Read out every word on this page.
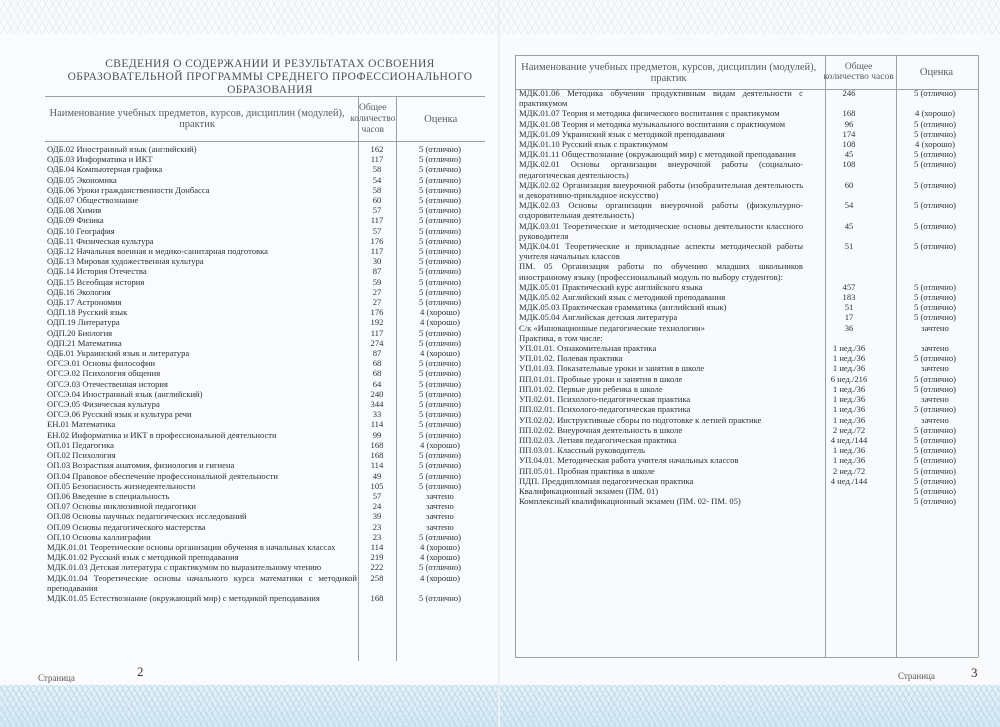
СВЕДЕНИЯ О СОДЕРЖАНИИ И РЕЗУЛЬТАТАХ ОСВОЕНИЯ ОБРАЗОВАТЕЛЬНОЙ ПРОГРАММЫ СРЕДНЕГО ПРОФЕССИОНАЛЬНОГО ОБРАЗОВАНИЯ
Наименование учебных предметов, курсов, дисциплин (модулей), практик	Общее количество часов	Оценка
ОДБ.02 Иностранный язык (английский)	162	5 (отлично)
ОДБ.03 Информатика и ИКТ	117	5 (отлично)
ОДБ.04 Компьютерная графика	58	5 (отлично)
ОДБ.05 Экономика	54	5 (отлично)
ОДБ.06 Уроки гражданственности Донбасса	58	5 (отлично)
ОДБ.07 Обществознание	60	5 (отлично)
ОДБ.08 Химия	57	5 (отлично)
ОДБ.09 Физика	117	5 (отлично)
ОДБ.10 География	57	5 (отлично)
ОДБ.11 Физическая культура	176	5 (отлично)
ОДБ.12 Начальная военная и медико-санитарная подготовка	117	5 (отлично)
ОДБ.13 Мировая художественная культура	30	5 (отлично)
ОДБ.14 История Отечества	87	5 (отлично)
ОДБ.15 Всеобщая история	59	5 (отлично)
ОДБ.16 Экология	27	5 (отлично)
ОДБ.17 Астрономия	27	5 (отлично)
ОДП.18 Русский язык	176	4 (хорошо)
ОДП.19 Литература	192	4 (хорошо)
ОДП.20 Биология	117	5 (отлично)
ОДП.21 Математика	274	5 (отлично)
ОДБ.01 Украинский язык и литература	87	4 (хорошо)
ОГСЭ.01 Основы философии	68	5 (отлично)
ОГСЭ.02 Психология общения	68	5 (отлично)
ОГСЭ.03 Отечественная история	64	5 (отлично)
ОГСЭ.04 Иностранный язык (английский)	240	5 (отлично)
ОГСЭ.05 Физическая культура	344	5 (отлично)
ОГСЭ.06 Русский язык и культура речи	33	5 (отлично)
ЕН.01 Математика	114	5 (отлично)
ЕН.02 Информатика и ИКТ в профессиональной деятельности	99	5 (отлично)
ОП.01 Педагогика	168	4 (хорошо)
ОП.02 Психология	168	5 (отлично)
ОП.03 Возрастная анатомия, физиология и гигиена	114	5 (отлично)
ОП.04 Правовое обеспечение профессиональной деятельности	49	5 (отлично)
ОП.05 Безопасность жизнедеятельности	105	5 (отлично)
ОП.06 Введение в специальность	57	зачтено
ОП.07 Основы инклюзивной педагогики	24	зачтено
ОП.08 Основы научных педагогических исследований	39	зачтено
ОП.09 Основы педагогического мастерства	23	зачтено
ОП.10 Основы каллиграфии	23	5 (отлично)
МДК.01.01 Теоретические основы организации обучения в начальных классах	114	4 (хорошо)
МДК.01.02 Русский язык с методикой преподавания	219	4 (хорошо)
МДК.01.03 Детская литература с практикумом по выразительному чтению	222	5 (отлично)
МДК.01.04 Теоретические основы начального курса математики с методикой преподавания	258	4 (хорошо)
МДК.01.05 Естествознание (окружающий мир) с методикой преподавания	168	5 (отлично)
Страница	2
Наименование учебных предметов, курсов, дисциплин (модулей), практик	Общее количество часов	Оценка
МДК.01.06 Методика обучения продуктивным видам деятельности с практикумом	246	5 (отлично)
МДК.01.07 Теория и методика физического воспитания с практикумом	168	4 (хорошо)
МДК.01.08 Теория и методика музыкального воспитания с практикумом	96	5 (отлично)
МДК.01.09 Украинский язык с методикой преподавания	174	5 (отлично)
МДК.01.10 Русский язык с практикумом	108	4 (хорошо)
МДК.01.11 Обществознание (окружающий мир) с методикой преподавания	45	5 (отлично)
МДК.02.01 Основы организации внеурочной работы (социально-педагогическая деятельность)	108	5 (отлично)
МДК.02.02 Организация внеурочной работы (изобразительная деятельность и декоративно-прикладное искусство)	60	5 (отлично)
МДК.02.03 Основы организации внеурочной работы (физкультурно-оздоровительная деятельность)	54	5 (отлично)
МДК.03.01 Теоретические и методические основы деятельности классного руководителя	45	5 (отлично)
МДК.04.01 Теоретические и прикладные аспекты методической работы учителя начальных классов	51	5 (отлично)
ПМ. 05 Организация работы по обучению младших школьников иностранному языку (профессиональный модуль по выбору студентов):		
МДК.05.01 Практический курс английского языка	457	5 (отлично)
МДК.05.02 Английский язык с методикой преподавания	183	5 (отлично)
МДК.05.03 Практическая грамматика (английский язык)	51	5 (отлично)
МДК.05.04 Английская детская литература	17	5 (отлично)
С/к «Инновационные педагогические технологии»	36	зачтено
Практика, в том числе:		
УП.01.01. Ознакомительная практика	1 нед./36	зачтено
УП.01.02. Полевая практика	1 нед./36	5 (отлично)
УП.01.03. Показательные уроки и занятия в школе	1 нед./36	зачтено
ПП.01.01. Пробные уроки и занятия в школе	6 нед./216	5 (отлично)
ПП.01.02. Первые дни ребенка в школе	1 нед./36	5 (отлично)
УП.02.01. Психолого-педагогическая практика	1 нед./36	зачтено
ПП.02.01. Психолого-педагогическая практика	1 нед./36	5 (отлично)
УП.02.02. Инструктивные сборы по подготовке к летней практике	1 нед./36	зачтено
ПП.02.02. Внеурочная деятельность в школе	2 нед./72	5 (отлично)
ПП.02.03. Летняя педагогическая практика	4 нед./144	5 (отлично)
ПП.03.01. Классный руководитель	1 нед./36	5 (отлично)
УП.04.01. Методическая работа учителя начальных классов	1 нед./36	5 (отлично)
ПП.05.01. Пробная практика в школе	2 нед./72	5 (отлично)
ПДП. Преддипломная педагогическая практика	4 нед./144	5 (отлично)
Квалификационный экзамен (ПМ. 01)		5 (отлично)
Комплексный квалификационный экзамен (ПМ. 02- ПМ. 05)		5 (отлично)
Страница	3
